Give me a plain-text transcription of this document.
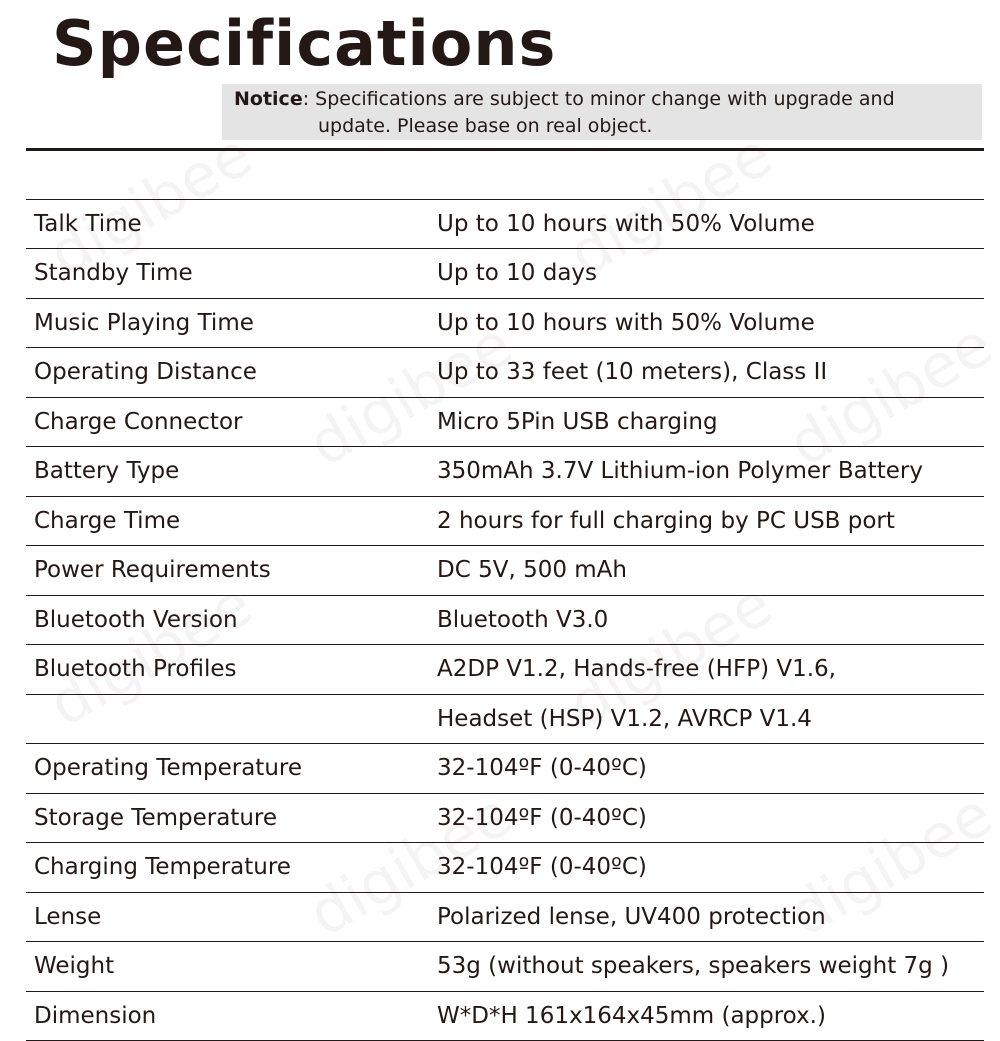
Specifications
Notice: Specifications are subject to minor change with upgrade and
update. Please base on real object.

Talk Time	Up to 10 hours with 50% Volume
Standby Time	Up to 10 days
Music Playing Time	Up to 10 hours with 50% Volume
Operating Distance	Up to 33 feet (10 meters), Class II
Charge Connector	Micro 5Pin USB charging
Battery Type	350mAh 3.7V Lithium-ion Polymer Battery
Charge Time	2 hours for full charging by PC USB port
Power Requirements	DC 5V, 500 mAh
Bluetooth Version	Bluetooth V3.0
Bluetooth Profiles	A2DP V1.2, Hands-free (HFP) V1.6,
	Headset (HSP) V1.2, AVRCP V1.4
Operating Temperature	32-104ºF (0-40ºC)
Storage Temperature	32-104ºF (0-40ºC)
Charging Temperature	32-104ºF (0-40ºC)
Lense	Polarized lense, UV400 protection
Weight	53g (without speakers, speakers weight 7g )
Dimension	W*D*H 161x164x45mm (approx.)
